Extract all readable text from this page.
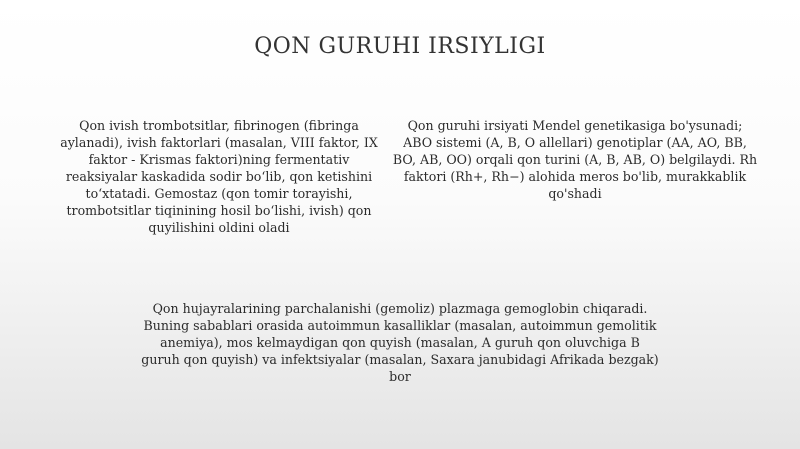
QON GURUHI IRSIYLIGI

Qon ivish trombotsitlar, fibrinogen (fibringa aylanadi), ivish faktorlari (masalan, VIII faktor, IX faktor - Krismas faktori)ning fermentativ reaksiyalar kaskadida sodir bo‘lib, qon ketishini to‘xtatadi. Gemostaz (qon tomir torayishi, trombotsitlar tiqinining hosil bo‘lishi, ivish) qon quyilishini oldini oladi

Qon guruhi irsiyati Mendel genetikasiga bo'ysunadi; ABO sistemi (A, B, O allellari) genotiplar (AA, AO, BB, BO, AB, OO) orqali qon turini (A, B, AB, O) belgilaydi. Rh faktori (Rh+, Rh−) alohida meros bo'lib, murakkablik qo'shadi

Qon hujayralarining parchalanishi (gemoliz) plazmaga gemoglobin chiqaradi. Buning sabablari orasida autoimmun kasalliklar (masalan, autoimmun gemolitik anemiya), mos kelmaydigan qon quyish (masalan, A guruh qon oluvchiga B guruh qon quyish) va infektsiyalar (masalan, Saxara janubidagi Afrikada bezgak) bor
